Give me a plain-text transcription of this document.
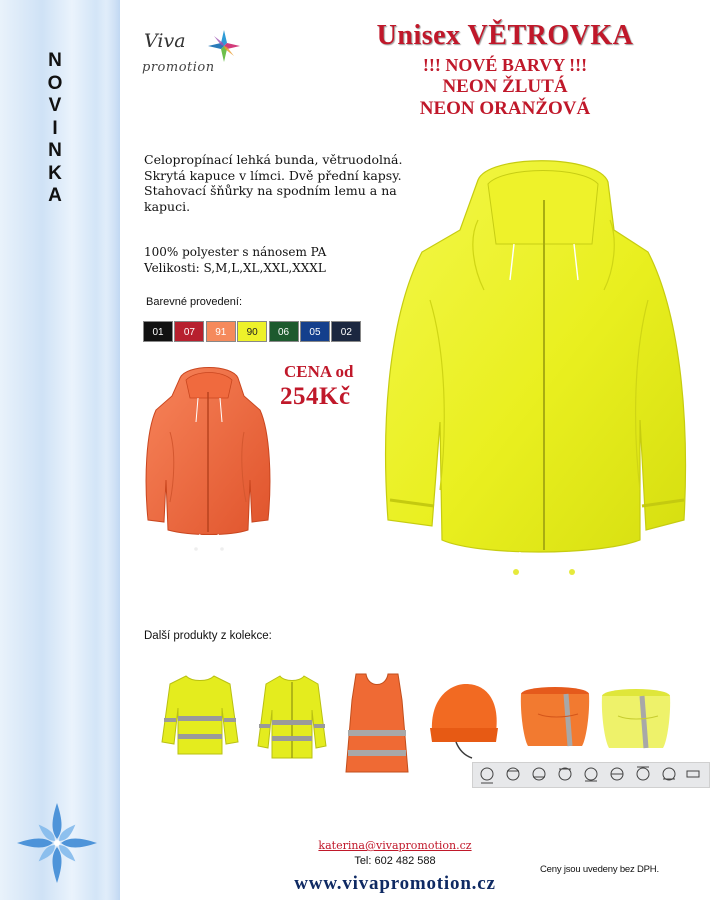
N
O
V
I
N
K
A
Viva
promotion
Unisex VĚTROVKA
!!! NOVÉ BARVY !!!
NEON ŽLUTÁ
NEON ORANŽOVÁ
Celopropínací lehká bunda, větruodolná.
Skrytá kapuce v límci. Dvě přední kapsy.
Stahovací šňůrky na spodním lemu a na
kapuci.
100% polyester s nánosem PA
Velikosti: S,M,L,XL,XXL,XXXL
Barevné provedení:
01	07	91	90	06	05	02
CENA od
254Kč
Další produkty z kolekce:
katerina@vivapromotion.cz
Tel: 602 482 588
www.vivapromotion.cz
Ceny jsou uvedeny bez DPH.
